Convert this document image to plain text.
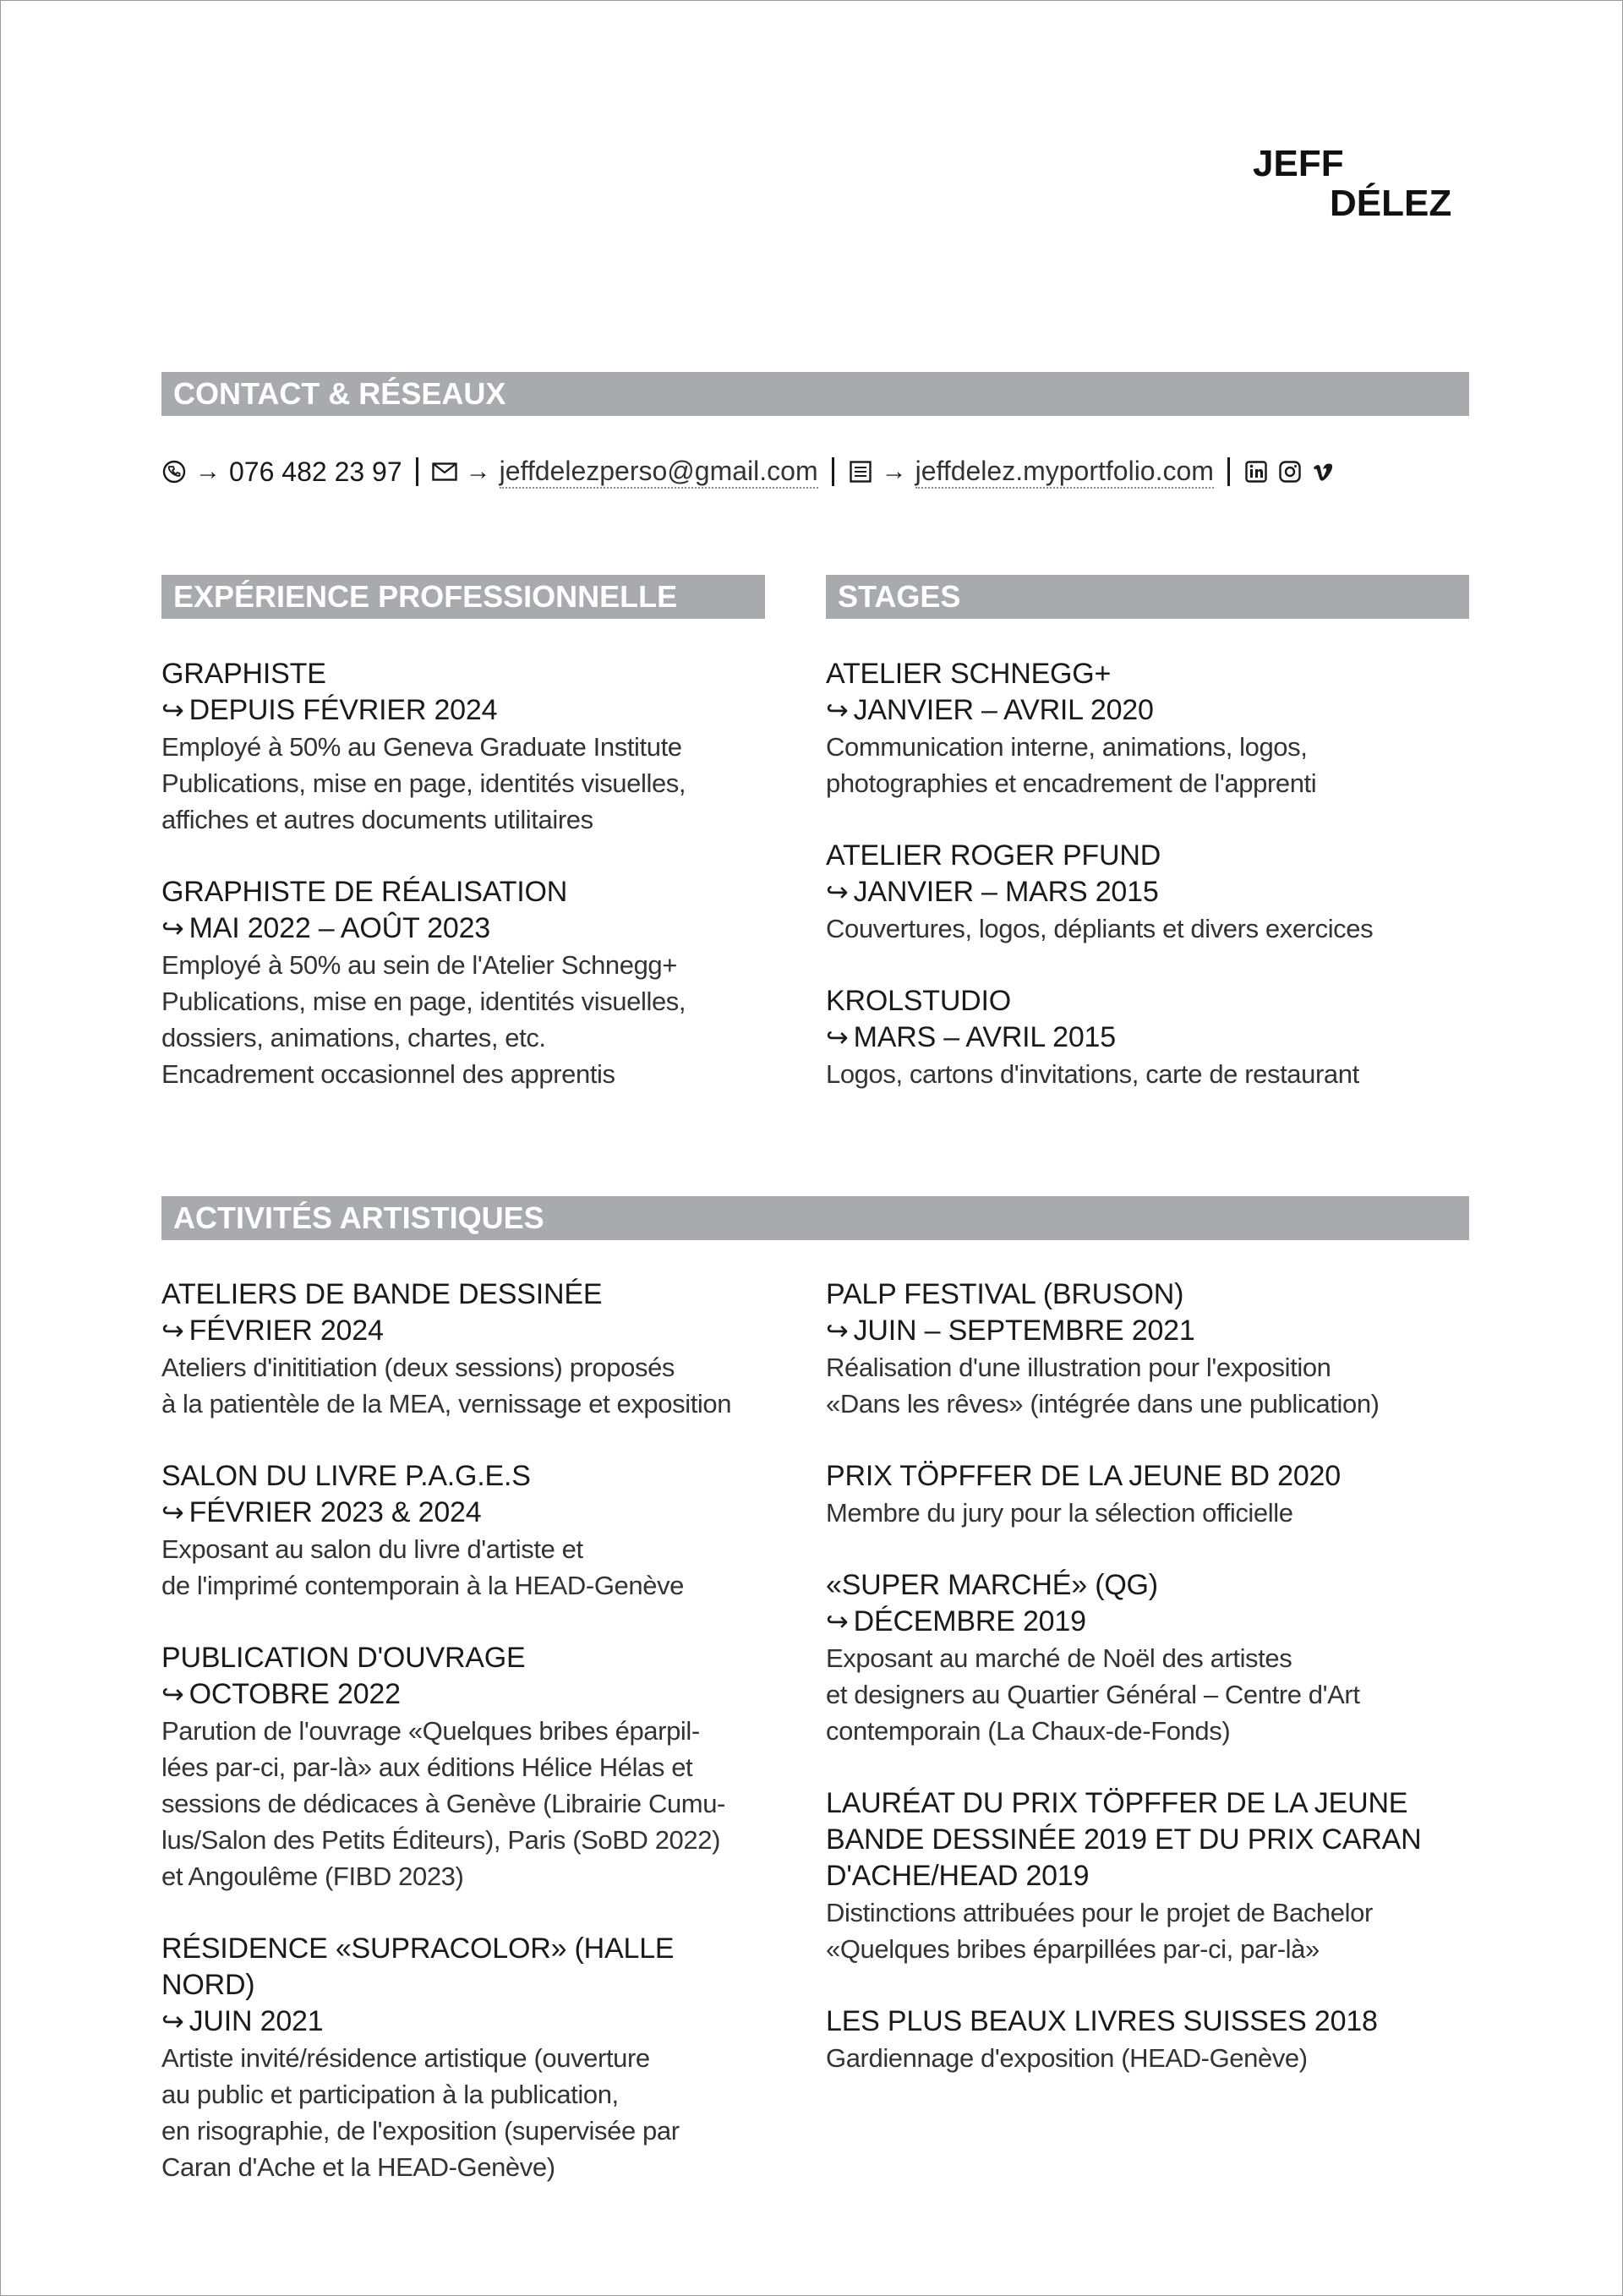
JEFF
DÉLEZ
CONTACT & RÉSEAUX
→ 076 482 23 97	→ jeffdelezperso@gmail.com	→ jeffdelez.myportfolio.com
EXPÉRIENCE PROFESSIONNELLE
GRAPHISTE
↪ DEPUIS FÉVRIER 2024
Employé à 50% au Geneva Graduate Institute
Publications, mise en page, identités visuelles,
affiches et autres documents utilitaires
GRAPHISTE DE RÉALISATION
↪ MAI 2022 – AOÛT 2023
Employé à 50% au sein de l'Atelier Schnegg+
Publications, mise en page, identités visuelles,
dossiers, animations, chartes, etc.
Encadrement occasionnel des apprentis
STAGES
ATELIER SCHNEGG+
↪ JANVIER – AVRIL 2020
Communication interne, animations, logos,
photographies et encadrement de l'apprenti
ATELIER ROGER PFUND
↪ JANVIER – MARS 2015
Couvertures, logos, dépliants et divers exercices
KROLSTUDIO
↪ MARS – AVRIL 2015
Logos, cartons d'invitations, carte de restaurant
ACTIVITÉS ARTISTIQUES
ATELIERS DE BANDE DESSINÉE
↪ FÉVRIER 2024
Ateliers d'inititiation (deux sessions) proposés
à la patientèle de la MEA, vernissage et exposition
SALON DU LIVRE P.A.G.E.S
↪ FÉVRIER 2023 & 2024
Exposant au salon du livre d'artiste et
de l'imprimé contemporain à la HEAD-Genève
PUBLICATION D'OUVRAGE
↪ OCTOBRE 2022
Parution de l'ouvrage «Quelques bribes éparpil-
lées par-ci, par-là» aux éditions Hélice Hélas et
sessions de dédicaces à Genève (Librairie Cumu-
lus/Salon des Petits Éditeurs), Paris (SoBD 2022)
et Angoulême (FIBD 2023)
RÉSIDENCE «SUPRACOLOR» (HALLE NORD)
↪ JUIN 2021
Artiste invité/résidence artistique (ouverture
au public et participation à la publication,
en risographie, de l'exposition (supervisée par
Caran d'Ache et la HEAD-Genève)
PALP FESTIVAL (BRUSON)
↪ JUIN – SEPTEMBRE 2021
Réalisation d'une illustration pour l'exposition
«Dans les rêves» (intégrée dans une publication)
PRIX TÖPFFER DE LA JEUNE BD 2020
Membre du jury pour la sélection officielle
«SUPER MARCHÉ» (QG)
↪ DÉCEMBRE 2019
Exposant au marché de Noël des artistes
et designers au Quartier Général – Centre d'Art
contemporain (La Chaux-de-Fonds)
LAURÉAT DU PRIX TÖPFFER DE LA JEUNE
BANDE DESSINÉE 2019 ET DU PRIX CARAN
D'ACHE/HEAD 2019
Distinctions attribuées pour le projet de Bachelor
«Quelques bribes éparpillées par-ci, par-là»
LES PLUS BEAUX LIVRES SUISSES 2018
Gardiennage d'exposition (HEAD-Genève)
